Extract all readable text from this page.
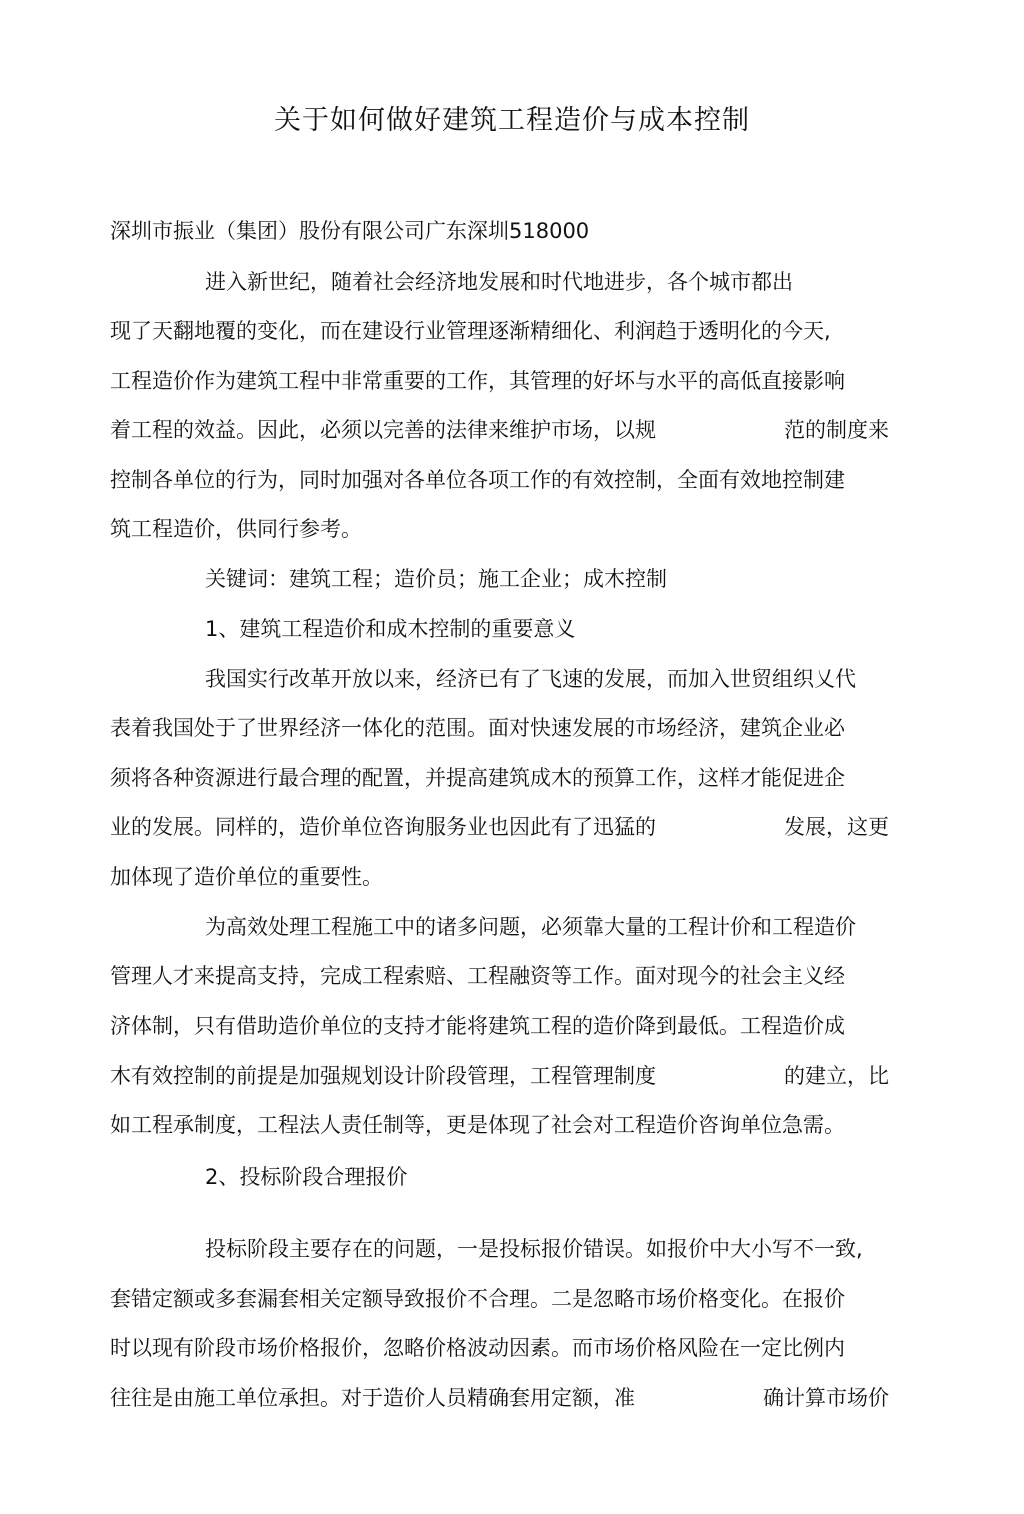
关于如何做好建筑工程造价与成本控制

深圳市振业（集团）股份有限公司广东深圳518000

进入新世纪，随着社会经济地发展和时代地进步，各个城市都出

现了天翻地覆的变化，而在建设行业管理逐渐精细化、利润趋于透明化的今天,

工程造价作为建筑工程中非常重要的工作，其管理的好坏与水平的高低直接影响

着工程的效益。因此，必须以完善的法律来维护市场，以规	范的制度来

控制各单位的行为，同时加强对各单位各项工作的有效控制，全面有效地控制建

筑工程造价，供同行参考。

关键词：建筑工程；造价员；施工企业；成木控制

1、建筑工程造价和成木控制的重要意义

我国实行改革开放以来，经济已有了飞速的发展，而加入世贸组织乂代

表着我国处于了世界经济一体化的范围。面对快速发展的市场经济，建筑企业必

须将各种资源进行最合理的配置，并提高建筑成木的预算工作，这样才能促进企

业的发展。同样的，造价单位咨询服务业也因此有了迅猛的	发展，这更

加体现了造价单位的重要性。

为高效处理工程施工中的诸多问题，必须靠大量的工程计价和工程造价

管理人才来提高支持，完成工程索赔、工程融资等工作。面对现今的社会主义经

济体制，只有借助造价单位的支持才能将建筑工程的造价降到最低。工程造价成

木有效控制的前提是加强规划设计阶段管理，工程管理制度	的建立，比

如工程承制度，工程法人责任制等，更是体现了社会对工程造价咨询单位急需。

2、投标阶段合理报价

投标阶段主要存在的问题，一是投标报价错误。如报价中大小写不一致,

套错定额或多套漏套相关定额导致报价不合理。二是忽略市场价格变化。在报价

时以现有阶段市场价格报价，忽略价格波动因素。而市场价格风险在一定比例内

往往是由施工单位承担。对于造价人员精确套用定额，准	确计算市场价
